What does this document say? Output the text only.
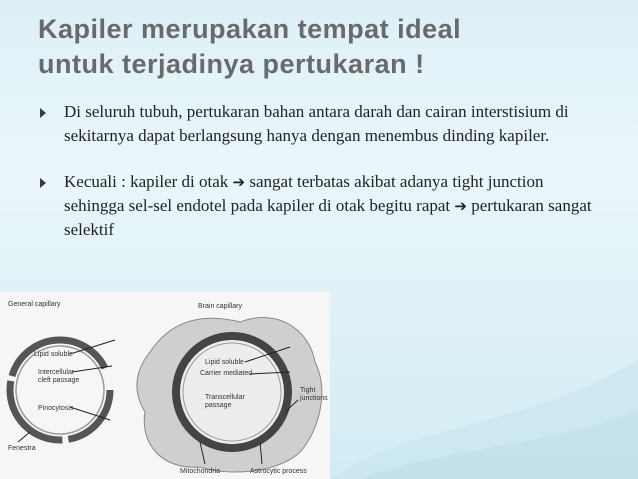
Kapiler merupakan tempat ideal
untuk terjadinya pertukaran !
Di seluruh tubuh, pertukaran bahan antara darah dan cairan interstisium di sekitarnya dapat berlangsung hanya dengan menembus dinding kapiler.
Kecuali : kapiler di otak ➔ sangat terbatas akibat adanya tight junction sehingga sel-sel endotel pada kapiler di otak begitu rapat ➔ pertukaran sangat selektif
General capillary
Lipid soluble
Intercellular
cleft passage
Pinocytosis
Fenestra
Brain capillary
Lipid soluble
Carrier mediated
Transcellular
passage
Tight
junctions
Mitochondria	Astrocytic process
